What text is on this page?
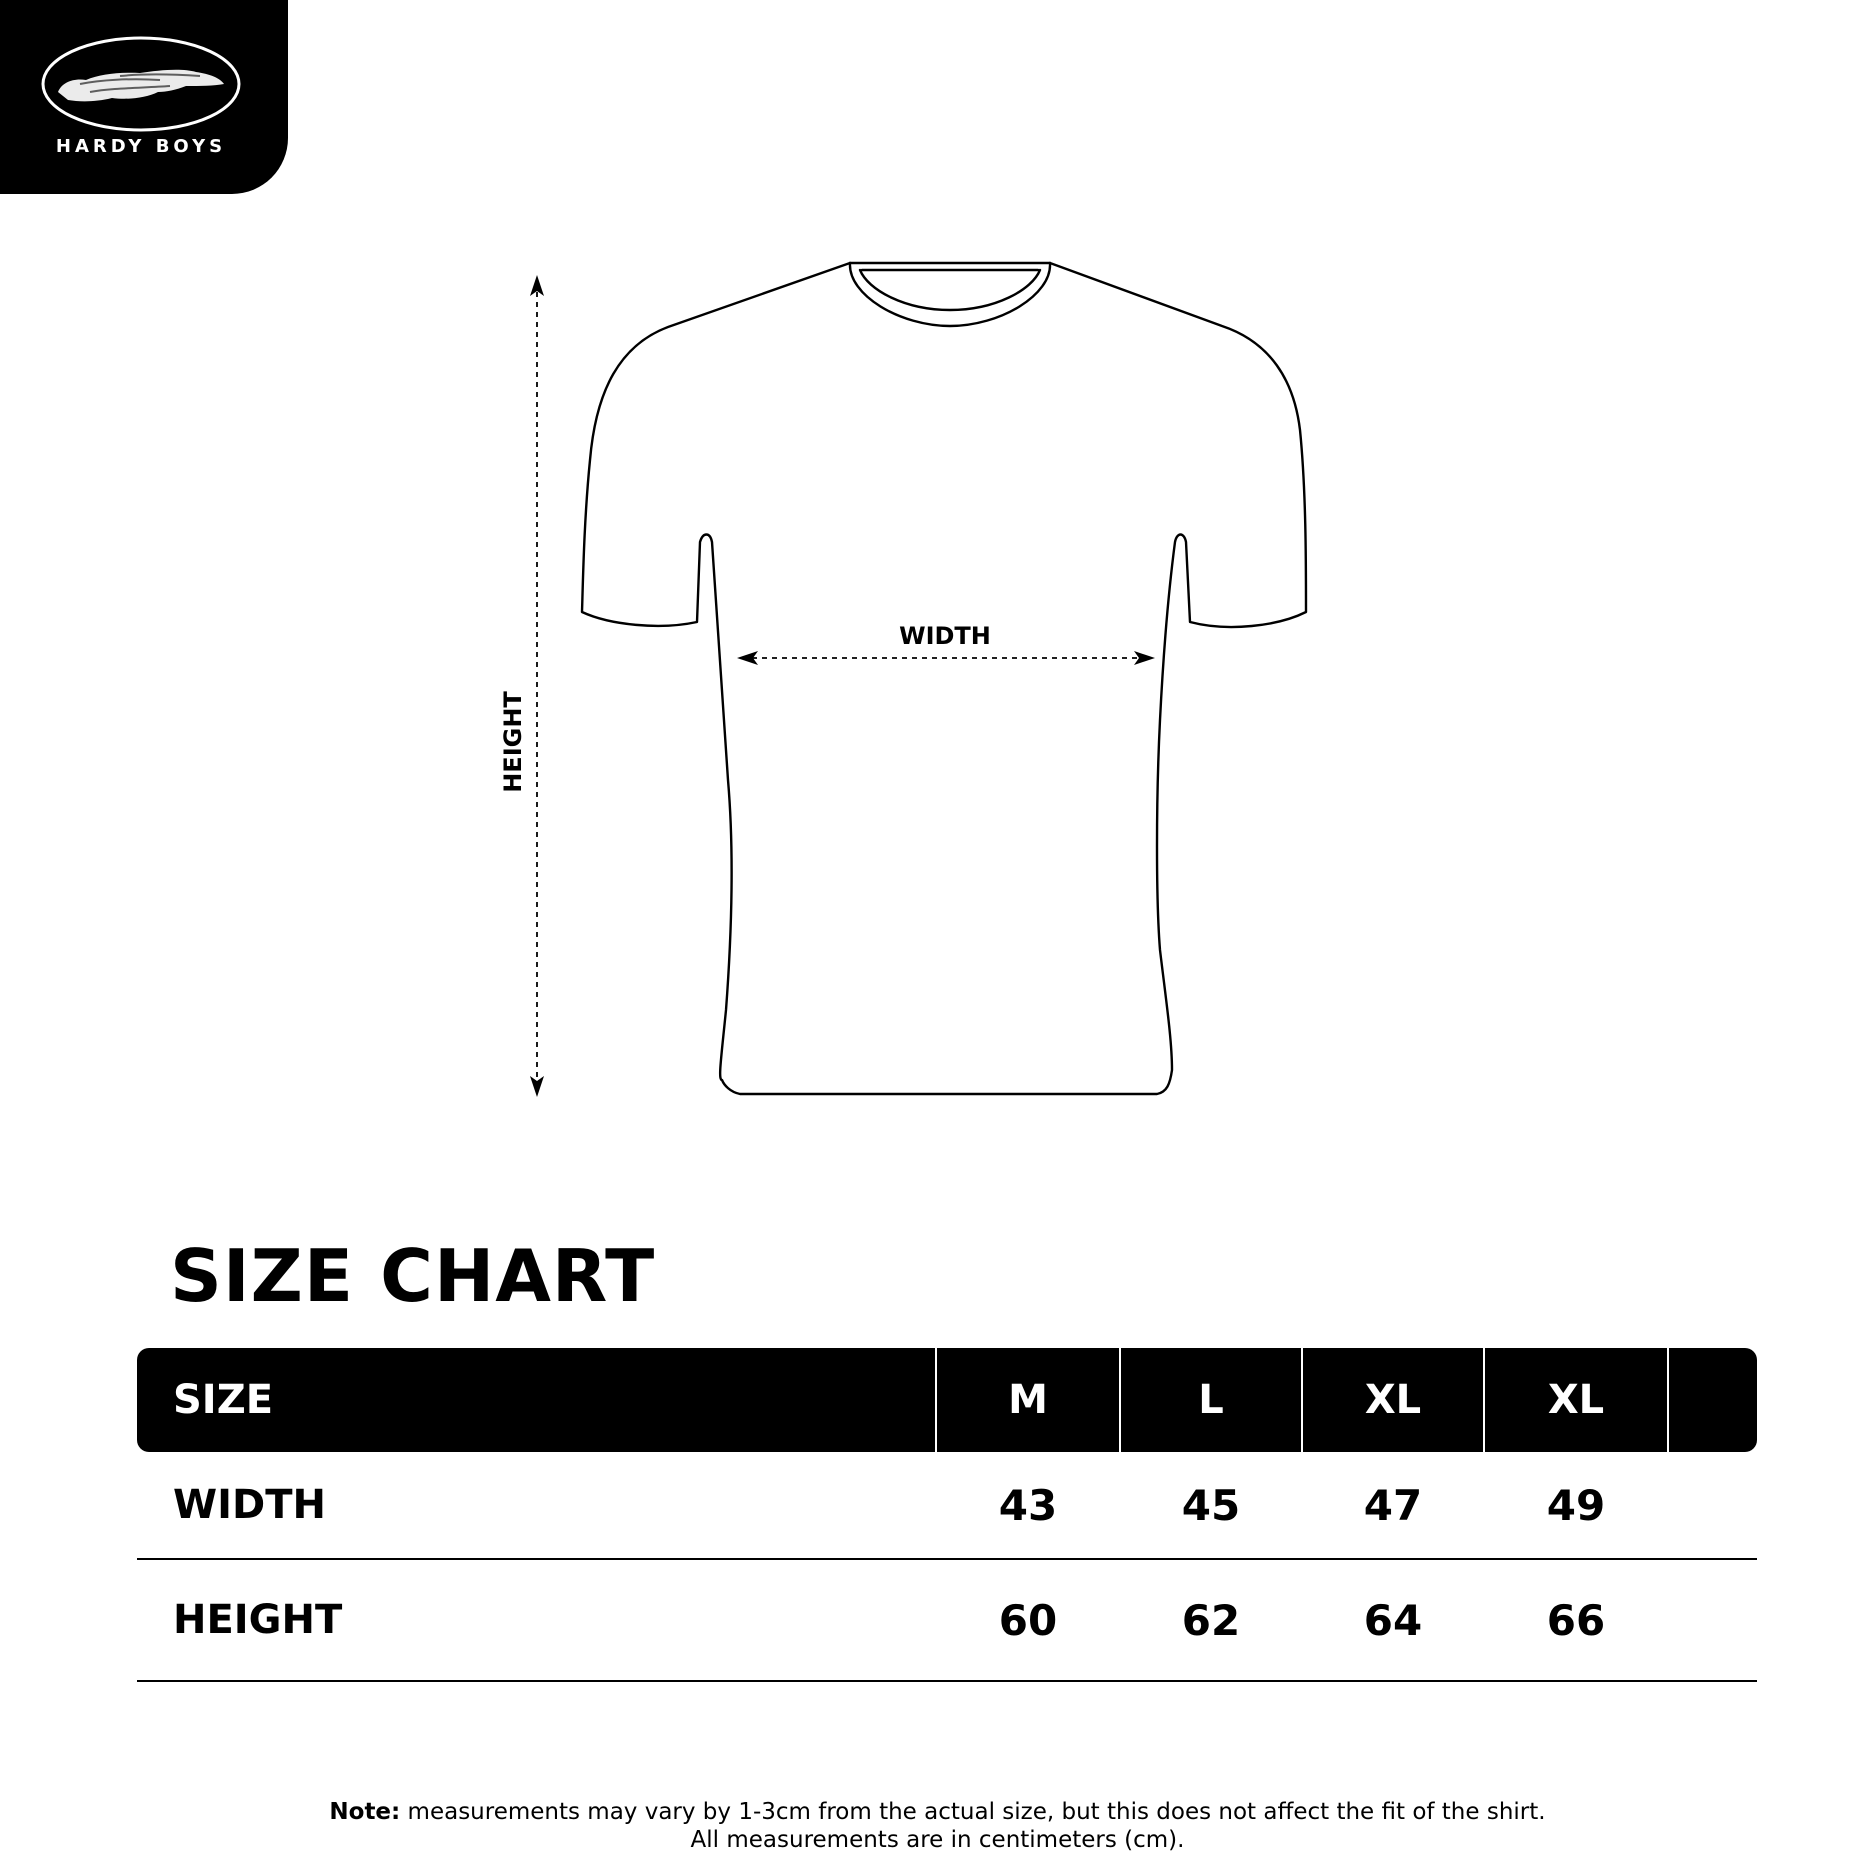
HARDY BOYS
HEIGHT
WIDTH
SIZE CHART
SIZE	M	L	XL	XL
WIDTH	43	45	47	49
HEIGHT	60	62	64	66
Note: measurements may vary by 1-3cm from the actual size, but this does not affect the fit of the shirt.
All measurements are in centimeters (cm).
